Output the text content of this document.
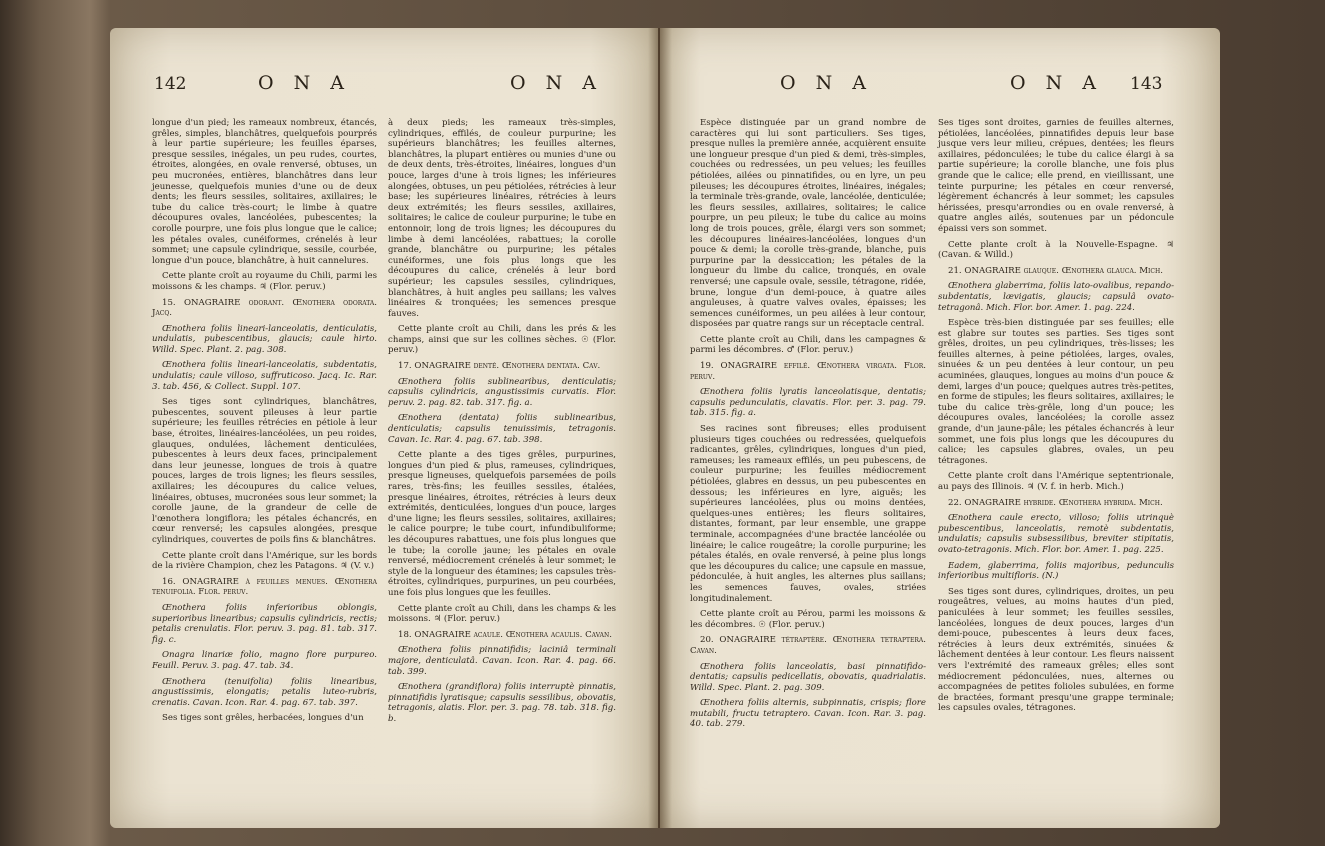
142	O N A	O N A

longue d'un pied; les rameaux nombreux, étancés, grêles, simples, blanchâtres, quelquefois pourprés à leur partie supérieure; les feuilles éparses, presque sessiles, inégales, un peu rudes, courtes, étroites, alongées, en ovale renversé, obtuses, un peu mucronées, entières, blanchâtres dans leur jeunesse, quelquefois munies d'une ou de deux dents; les fleurs sessiles, solitaires, axillaires; le tube du calice très-court; le limbe à quatre découpures ovales, lancéolées, pubescentes; la corolle pourpre, une fois plus longue que le calice; les pétales ovales, cunéiformes, crénelés à leur sommet; une capsule cylindrique, sessile, courbée, longue d'un pouce, blanchâtre, à huit cannelures.

Cette plante croît au royaume du Chili, parmi les moissons & les champs. ♃ (Flor. peruv.)

15. ONAGRAIRE odorant. Œnothera odorata. Jacq.

Œnothera foliis lineari-lanceolatis, denticulatis, undulatis, pubescentibus, glaucis; caule hirto. Willd. Spec. Plant. 2. pag. 308.

Œnothera foliis lineari-lanceolatis, subdentatis, undulatis; caule villoso, suffruticoso. Jacq. Ic. Rar. 3. tab. 456, & Collect. Suppl. 107.

Ses tiges sont cylindriques, blanchâtres, pubescentes, souvent pileuses à leur partie supérieure; les feuilles rétrécies en pétiole à leur base, étroites, linéaires-lancéolées, un peu roides, glauques, ondulées, lâchement denticulées, pubescentes à leurs deux faces, principalement dans leur jeunesse, longues de trois à quatre pouces, larges de trois lignes; les fleurs sessiles, axillaires; les découpures du calice velues, linéaires, obtuses, mucronées sous leur sommet; la corolle jaune, de la grandeur de celle de l'œnothera longiflora; les pétales échancrés, en cœur renversé; les capsules alongées, presque cylindriques, couvertes de poils fins & blanchâtres.

Cette plante croît dans l'Amérique, sur les bords de la rivière Champion, chez les Patagons. ♃ (V. v.)

16. ONAGRAIRE à feuilles menues. Œnothera tenuifolia. Flor. peruv.

Œnothera foliis inferioribus oblongis, superioribus linearibus; capsulis cylindricis, rectis; petalis crenulatis. Flor. peruv. 3. pag. 81. tab. 317. fig. c.

Onagra linariæ folio, magno flore purpureo. Feuill. Peruv. 3. pag. 47. tab. 34.

Œnothera (tenuifolia) foliis linearibus, angustissimis, elongatis; petalis luteo-rubris, crenatis. Cavan. Icon. Rar. 4. pag. 67. tab. 397.

Ses tiges sont grêles, herbacées, longues d'un

à deux pieds; les rameaux très-simples, cylindriques, effilés, de couleur purpurine; les supérieurs blanchâtres; les feuilles alternes, blanchâtres, la plupart entières ou munies d'une ou de deux dents, très-étroites, linéaires, longues d'un pouce, larges d'une à trois lignes; les inférieures alongées, obtuses, un peu pétiolées, rétrécies à leur base; les supérieures linéaires, rétrécies à leurs deux extrémités; les fleurs sessiles, axillaires, solitaires; le calice de couleur purpurine; le tube en entonnoir, long de trois lignes; les découpures du limbe à demi lancéolées, rabattues; la corolle grande, blanchâtre ou purpurine; les pétales cunéiformes, une fois plus longs que les découpures du calice, crénelés à leur bord supérieur; les capsules sessiles, cylindriques, blanchâtres, à huit angles peu saillans; les valves linéaires & tronquées; les semences presque fauves.

Cette plante croît au Chili, dans les prés & les champs, ainsi que sur les collines sèches. ☉ (Flor. peruv.)

17. ONAGRAIRE denté. Œnothera dentata. Cav.

Œnothera foliis sublinearibus, denticulatis; capsulis cylindricis, angustissimis curvatis. Flor. peruv. 2. pag. 82. tab. 317. fig. a.

Œnothera (dentata) foliis sublinearibus, denticulatis; capsulis tenuissimis, tetragonis. Cavan. Ic. Rar. 4. pag. 67. tab. 398.

Cette plante a des tiges grêles, purpurines, longues d'un pied & plus, rameuses, cylindriques, presque ligneuses, quelquefois parsemées de poils rares, très-fins; les feuilles sessiles, étalées, presque linéaires, étroites, rétrécies à leurs deux extrémités, denticulées, longues d'un pouce, larges d'une ligne; les fleurs sessiles, solitaires, axillaires; le calice pourpre; le tube court, infundibuliforme; les découpures rabattues, une fois plus longues que le tube; la corolle jaune; les pétales en ovale renversé, médiocrement crénelés à leur sommet; le style de la longueur des étamines; les capsules très-étroites, cylindriques, purpurines, un peu courbées, une fois plus longues que les feuilles.

Cette plante croît au Chili, dans les champs & les moissons. ♃ (Flor. peruv.)

18. ONAGRAIRE acaule. Œnothera acaulis. Cavan.

Œnothera foliis pinnatifidis; laciniâ terminali majore, denticulatâ. Cavan. Icon. Rar. 4. pag. 66. tab. 399.

Œnothera (grandiflora) foliis interruptè pinnatis, pinnatifidis lyratisque; capsulis sessilibus, obovatis, tetragonis, alatis. Flor. per. 3. pag. 78. tab. 318. fig. b.

O N A	O N A 143

Espèce distinguée par un grand nombre de caractères qui lui sont particuliers. Ses tiges, presque nulles la première année, acquièrent ensuite une longueur presque d'un pied & demi, très-simples, couchées ou redressées, un peu velues; les feuilles pétiolées, ailées ou pinnatifides, ou en lyre, un peu pileuses; les découpures étroites, linéaires, inégales; la terminale très-grande, ovale, lancéolée, denticulée; les fleurs sessiles, axillaires, solitaires; le calice pourpre, un peu pileux; le tube du calice au moins long de trois pouces, grêle, élargi vers son sommet; les découpures linéaires-lancéolées, longues d'un pouce & demi; la corolle très-grande, blanche, puis purpurine par la dessiccation; les pétales de la longueur du limbe du calice, tronqués, en ovale renversé; une capsule ovale, sessile, tétragone, ridée, brune, longue d'un demi-pouce, à quatre ailes anguleuses, à quatre valves ovales, épaisses; les semences cunéiformes, un peu ailées à leur contour, disposées par quatre rangs sur un réceptacle central.

Cette plante croît au Chili, dans les campagnes & parmi les décombres. ♂ (Flor. peruv.)

19. ONAGRAIRE effilé. Œnothera virgata. Flor. peruv.

Œnothera foliis lyratis lanceolatisque, dentatis; capsulis pedunculatis, clavatis. Flor. per. 3. pag. 79. tab. 315. fig. a.

Ses racines sont fibreuses; elles produisent plusieurs tiges couchées ou redressées, quelquefois radicantes, grêles, cylindriques, longues d'un pied, rameuses; les rameaux effilés, un peu pubescens, de couleur purpurine; les feuilles médiocrement pétiolées, glabres en dessus, un peu pubescentes en dessous; les inférieures en lyre, aiguës; les supérieures lancéolées, plus ou moins dentées, quelques-unes entières; les fleurs solitaires, distantes, formant, par leur ensemble, une grappe terminale, accompagnées d'une bractée lancéolée ou linéaire; le calice rougeâtre; la corolle purpurine; les pétales étalés, en ovale renversé, à peine plus longs que les découpures du calice; une capsule en massue, pédonculée, à huit angles, les alternes plus saillans; les semences fauves, ovales, striées longitudinalement.

Cette plante croît au Pérou, parmi les moissons & les décombres. ☉ (Flor. peruv.)

20. ONAGRAIRE tétraptère. Œnothera tetraptera. Cavan.

Œnothera foliis lanceolatis, basi pinnatifido-dentatis; capsulis pedicellatis, obovatis, quadrialatis. Willd. Spec. Plant. 2. pag. 309.

Œnothera foliis alternis, subpinnatis, crispis; flore mutabili, fructu tetraptero. Cavan. Icon. Rar. 3. pag. 40. tab. 279.

Ses tiges sont droites, garnies de feuilles alternes, pétiolées, lancéolées, pinnatifides depuis leur base jusque vers leur milieu, crépues, dentées; les fleurs axillaires, pédonculées; le tube du calice élargi à sa partie supérieure; la corolle blanche, une fois plus grande que le calice; elle prend, en vieillissant, une teinte purpurine; les pétales en cœur renversé, légèrement échancrés à leur sommet; les capsules hérissées, presqu'arrondies ou en ovale renversé, à quatre angles ailés, soutenues par un pédoncule épaissi vers son sommet.

Cette plante croît à la Nouvelle-Espagne. ♃ (Cavan. & Willd.)

21. ONAGRAIRE glauque. Œnothera glauca. Mich.

Œnothera glaberrima, foliis lato-ovalibus, repando-subdentatis, lævigatis, glaucis; capsulâ ovato-tetragonâ. Mich. Flor. bor. Amer. 1. pag. 224.

Espèce très-bien distinguée par ses feuilles; elle est glabre sur toutes ses parties. Ses tiges sont grêles, droites, un peu cylindriques, très-lisses; les feuilles alternes, à peine pétiolées, larges, ovales, sinuées & un peu dentées à leur contour, un peu acuminées, glauques, longues au moins d'un pouce & demi, larges d'un pouce; quelques autres très-petites, en forme de stipules; les fleurs solitaires, axillaires; le tube du calice très-grêle, long d'un pouce; les découpures ovales, lancéolées; la corolle assez grande, d'un jaune-pâle; les pétales échancrés à leur sommet, une fois plus longs que les découpures du calice; les capsules glabres, ovales, un peu tétragones.

Cette plante croît dans l'Amérique septentrionale, au pays des Illinois. ♃ (V. f. in herb. Mich.)

22. ONAGRAIRE hybride. Œnothera hybrida. Mich.

Œnothera caule erecto, villoso; foliis utrinquè pubescentibus, lanceolatis, remotè subdentatis, undulatis; capsulis subsessilibus, breviter stipitatis, ovato-tetragonis. Mich. Flor. bor. Amer. 1. pag. 225.

Eadem, glaberrima, foliis majoribus, pedunculis inferioribus multifloris. (N.)

Ses tiges sont dures, cylindriques, droites, un peu rougeâtres, velues, au moins hautes d'un pied, paniculées à leur sommet; les feuilles sessiles, lancéolées, longues de deux pouces, larges d'un demi-pouce, pubescentes à leurs deux faces, rétrécies à leurs deux extrémités, sinuées & lâchement dentées à leur contour. Les fleurs naissent vers l'extrémité des rameaux grêles; elles sont médiocrement pédonculées, nues, alternes ou accompagnées de petites folioles subulées, en forme de bractées, formant presqu'une grappe terminale; les capsules ovales, tétragones.
